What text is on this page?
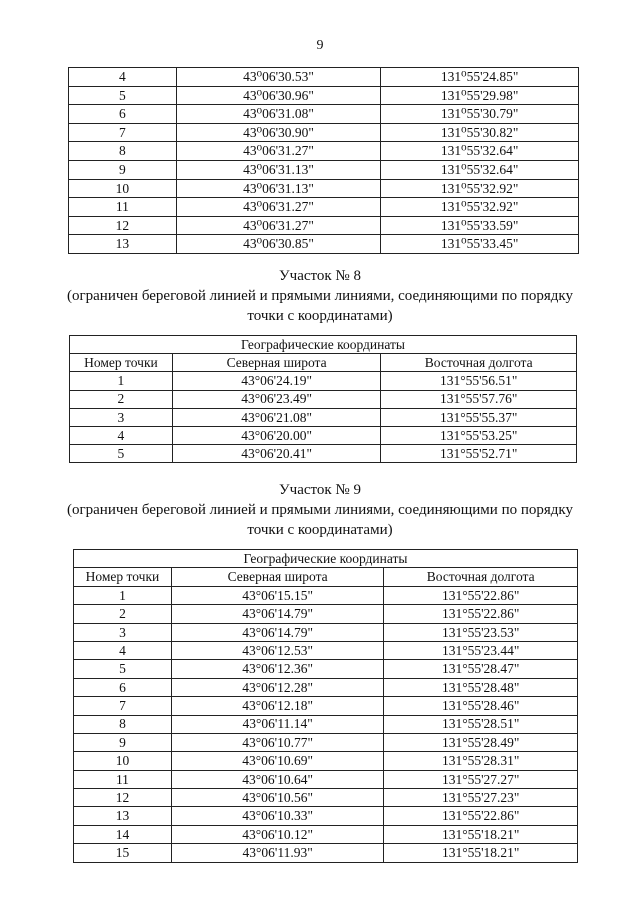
9
4	43⁰06'30.53"	131⁰55'24.85"
5	43⁰06'30.96"	131⁰55'29.98"
6	43⁰06'31.08"	131⁰55'30.79"
7	43⁰06'30.90"	131⁰55'30.82"
8	43⁰06'31.27"	131⁰55'32.64"
9	43⁰06'31.13"	131⁰55'32.64"
10	43⁰06'31.13"	131⁰55'32.92"
11	43⁰06'31.27"	131⁰55'32.92"
12	43⁰06'31.27"	131⁰55'33.59"
13	43⁰06'30.85"	131⁰55'33.45"
Участок № 8
(ограничен береговой линией и прямыми линиями, соединяющими по порядку
точки с координатами)
Географические координаты		
Номер точки	Северная широта	Восточная долгота
1	43°06'24.19"	131°55'56.51"
2	43°06'23.49"	131°55'57.76"
3	43°06'21.08"	131°55'55.37"
4	43°06'20.00"	131°55'53.25"
5	43°06'20.41"	131°55'52.71"
Участок № 9
(ограничен береговой линией и прямыми линиями, соединяющими по порядку
точки с координатами)
Географические координаты		
Номер точки	Северная широта	Восточная долгота
1	43°06'15.15"	131°55'22.86"
2	43°06'14.79"	131°55'22.86"
3	43°06'14.79"	131°55'23.53"
4	43°06'12.53"	131°55'23.44"
5	43°06'12.36"	131°55'28.47"
6	43°06'12.28"	131°55'28.48"
7	43°06'12.18"	131°55'28.46"
8	43°06'11.14"	131°55'28.51"
9	43°06'10.77"	131°55'28.49"
10	43°06'10.69"	131°55'28.31"
11	43°06'10.64"	131°55'27.27"
12	43°06'10.56"	131°55'27.23"
13	43°06'10.33"	131°55'22.86"
14	43°06'10.12"	131°55'18.21"
15	43°06'11.93"	131°55'18.21"
